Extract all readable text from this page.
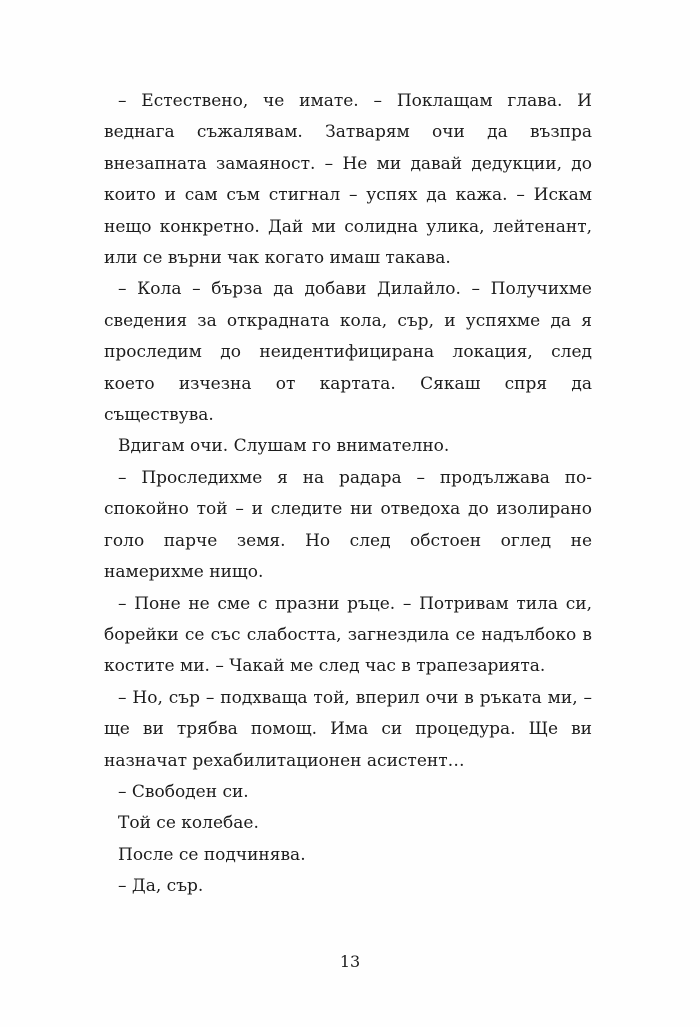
– Естествено, че имате. – Поклащам глава. И веднага съжалявам. Затварям очи да възпра внезапната замаяност. – Не ми давай дедукции, до които и сам съм стигнал – успях да кажа. – Искам нещо конкретно. Дай ми солидна улика, лейтенант, или се върни чак когато имаш такава.

– Кола – бърза да добави Дилайло. – Получихме сведения за открадната кола, сър, и успяхме да я проследим до неидентифицирана локация, след което изчезна от картата. Сякаш спря да съществува.

Вдигам очи. Слушам го внимателно.

– Проследихме я на радара – продължава по-спокойно той – и следите ни отведоха до изолирано голо парче земя. Но след обстоен оглед не намерихме нищо.

– Поне не сме с празни ръце. – Потривам тила си, борейки се със слабостта, загнездила се надълбоко в костите ми. – Чакай ме след час в трапезарията.

– Но, сър – подхваща той, вперил очи в ръката ми, – ще ви трябва помощ. Има си процедура. Ще ви назначат рехабилитационен асистент…

– Свободен си.

Той се колебае.

После се подчинява.

– Да, сър.

13
